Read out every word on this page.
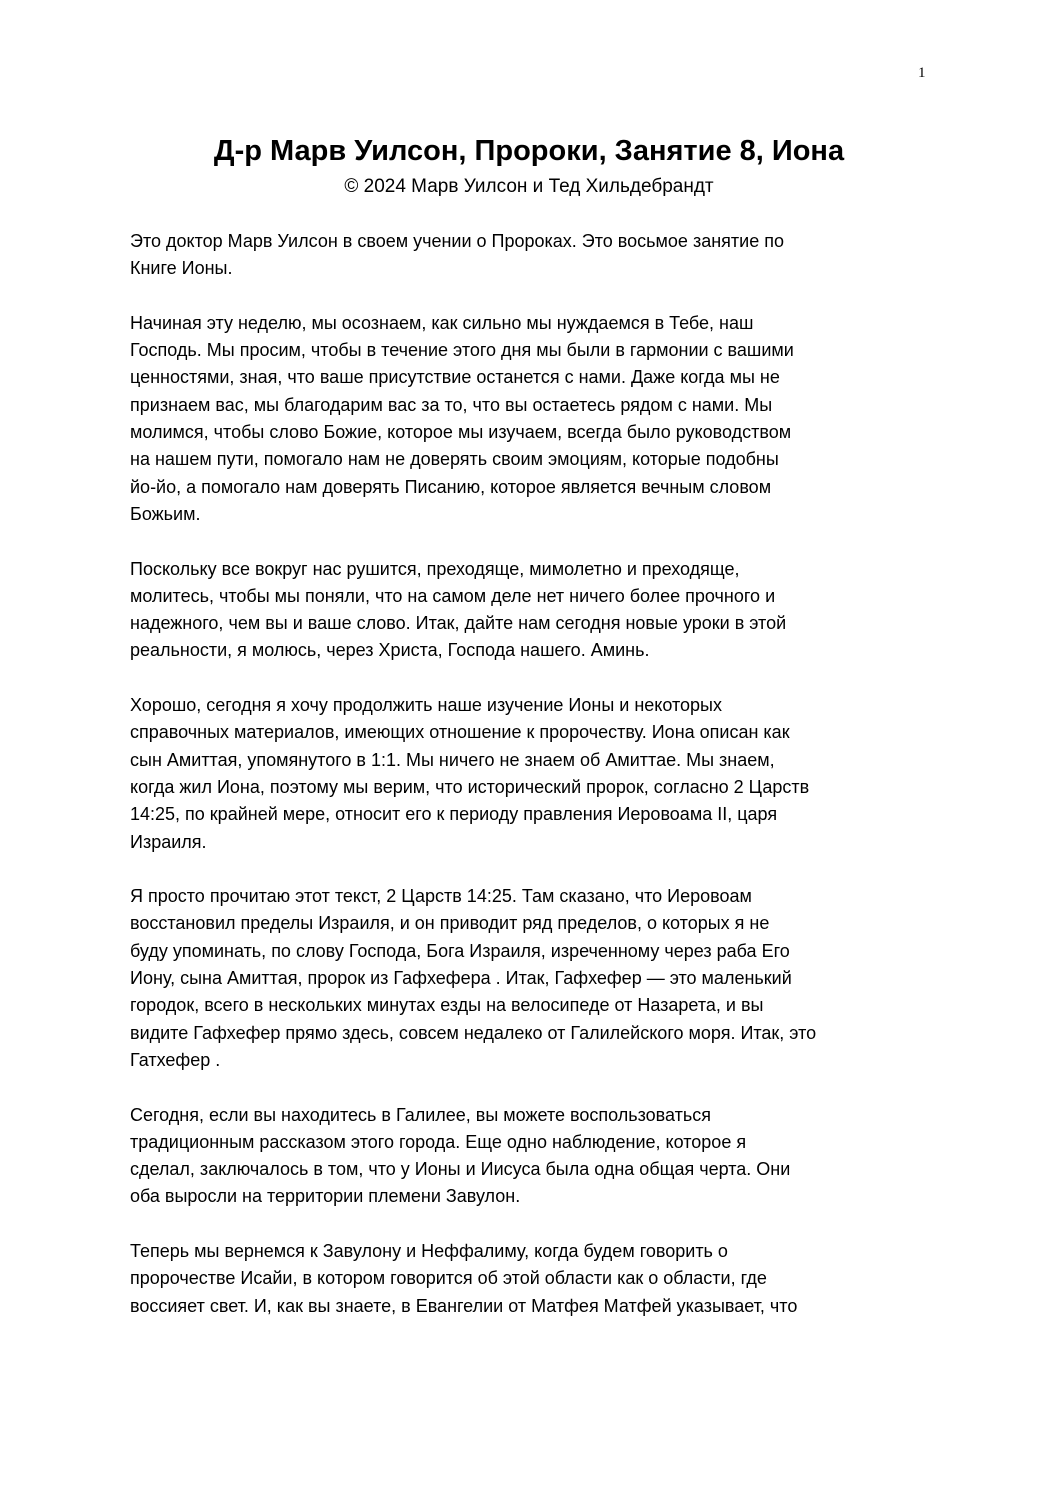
1
Д-р Марв Уилсон, Пророки, Занятие 8, Иона
© 2024 Марв Уилсон и Тед Хильдебрандт
Это доктор Марв Уилсон в своем учении о Пророках. Это восьмое занятие по
Книге Ионы.
Начиная эту неделю, мы осознаем, как сильно мы нуждаемся в Тебе, наш
Господь. Мы просим, чтобы в течение этого дня мы были в гармонии с вашими
ценностями, зная, что ваше присутствие останется с нами. Даже когда мы не
признаем вас, мы благодарим вас за то, что вы остаетесь рядом с нами. Мы
молимся, чтобы слово Божие, которое мы изучаем, всегда было руководством
на нашем пути, помогало нам не доверять своим эмоциям, которые подобны
йо-йо, а помогало нам доверять Писанию, которое является вечным словом
Божьим.
Поскольку все вокруг нас рушится, преходяще, мимолетно и преходяще,
молитесь, чтобы мы поняли, что на самом деле нет ничего более прочного и
надежного, чем вы и ваше слово. Итак, дайте нам сегодня новые уроки в этой
реальности, я молюсь, через Христа, Господа нашего. Аминь.
Хорошо, сегодня я хочу продолжить наше изучение Ионы и некоторых
справочных материалов, имеющих отношение к пророчеству. Иона описан как
сын Амиттая, упомянутого в 1:1. Мы ничего не знаем об Амиттае. Мы знаем,
когда жил Иона, поэтому мы верим, что исторический пророк, согласно 2 Царств
14:25, по крайней мере, относит его к периоду правления Иеровоама II, царя
Израиля.
Я просто прочитаю этот текст, 2 Царств 14:25. Там сказано, что Иеровоам
восстановил пределы Израиля, и он приводит ряд пределов, о которых я не
буду упоминать, по слову Господа, Бога Израиля, изреченному через раба Его
Иону, сына Амиттая, пророк из Гафхефера . Итак, Гафхефер — это маленький
городок, всего в нескольких минутах езды на велосипеде от Назарета, и вы
видите Гафхефер прямо здесь, совсем недалеко от Галилейского моря. Итак, это
Гатхефер .
Сегодня, если вы находитесь в Галилее, вы можете воспользоваться
традиционным рассказом этого города. Еще одно наблюдение, которое я
сделал, заключалось в том, что у Ионы и Иисуса была одна общая черта. Они
оба выросли на территории племени Завулон.
Теперь мы вернемся к Завулону и Неффалиму, когда будем говорить о
пророчестве Исайи, в котором говорится об этой области как о области, где
воссияет свет. И, как вы знаете, в Евангелии от Матфея Матфей указывает, что
